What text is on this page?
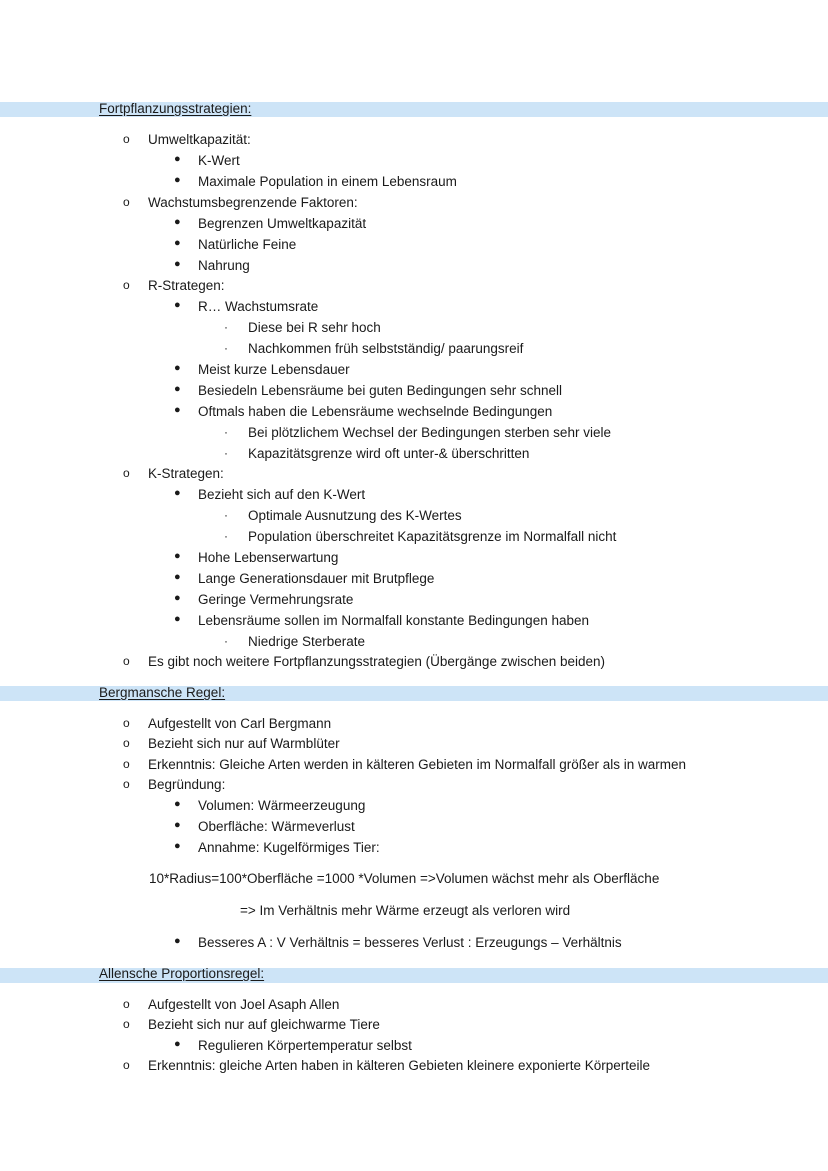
Fortpflanzungsstrategien:
o Umweltkapazität:
● K-Wert
● Maximale Population in einem Lebensraum
o Wachstumsbegrenzende Faktoren:
● Begrenzen Umweltkapazität
● Natürliche Feine
● Nahrung
o R-Strategen:
● R… Wachstumsrate
· Diese bei R sehr hoch
· Nachkommen früh selbstständig/ paarungsreif
● Meist kurze Lebensdauer
● Besiedeln Lebensräume bei guten Bedingungen sehr schnell
● Oftmals haben die Lebensräume wechselnde Bedingungen
· Bei plötzlichem Wechsel der Bedingungen sterben sehr viele
· Kapazitätsgrenze wird oft unter-& überschritten
o K-Strategen:
● Bezieht sich auf den K-Wert
· Optimale Ausnutzung des K-Wertes
· Population überschreitet Kapazitätsgrenze im Normalfall nicht
● Hohe Lebenserwartung
● Lange Generationsdauer mit Brutpflege
● Geringe Vermehrungsrate
● Lebensräume sollen im Normalfall konstante Bedingungen haben
· Niedrige Sterberate
o Es gibt noch weitere Fortpflanzungsstrategien (Übergänge zwischen beiden)
Bergmansche Regel:
o Aufgestellt von Carl Bergmann
o Bezieht sich nur auf Warmblüter
o Erkenntnis: Gleiche Arten werden in kälteren Gebieten im Normalfall größer als in warmen
o Begründung:
● Volumen: Wärmeerzeugung
● Oberfläche: Wärmeverlust
● Annahme: Kugelförmiges Tier:
10*Radius=100*Oberfläche =1000 *Volumen =>Volumen wächst mehr als Oberfläche
=> Im Verhältnis mehr Wärme erzeugt als verloren wird
● Besseres A : V Verhältnis = besseres Verlust : Erzeugungs – Verhältnis
Allensche Proportionsregel:
o Aufgestellt von Joel Asaph Allen
o Bezieht sich nur auf gleichwarme Tiere
● Regulieren Körpertemperatur selbst
o Erkenntnis: gleiche Arten haben in kälteren Gebieten kleinere exponierte Körperteile
